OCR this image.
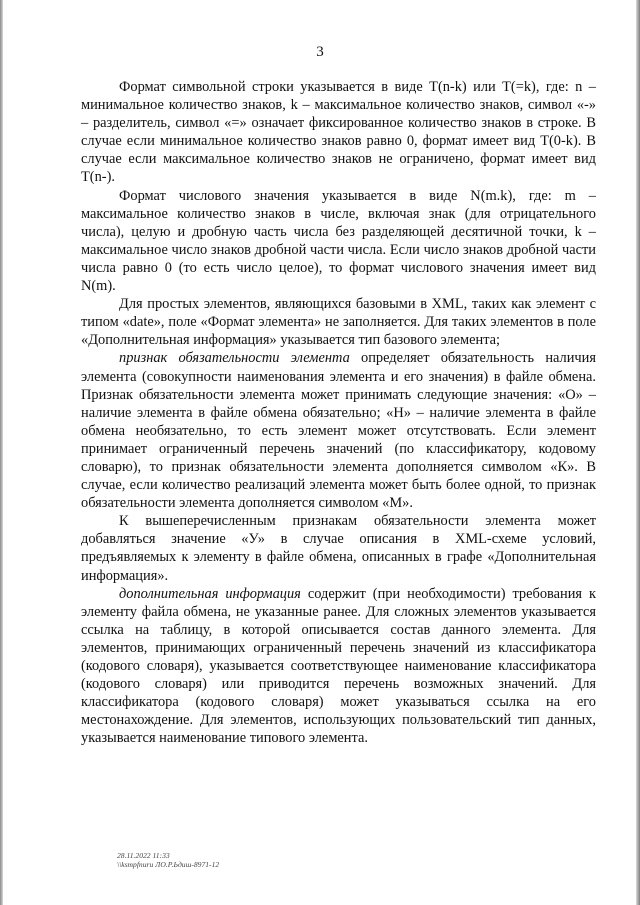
3

Формат символьной строки указывается в виде T(n-k) или T(=k), где: n – минимальное количество знаков, k – максимальное количество знаков, символ «-» – разделитель, символ «=» означает фиксированное количество знаков в строке. В случае если минимальное количество знаков равно 0, формат имеет вид T(0-k). В случае если максимальное количество знаков не ограничено, формат имеет вид T(n-).

Формат числового значения указывается в виде N(m.k), где: m – максимальное количество знаков в числе, включая знак (для отрицательного числа), целую и дробную часть числа без разделяющей десятичной точки, k – максимальное число знаков дробной части числа. Если число знаков дробной части числа равно 0 (то есть число целое), то формат числового значения имеет вид N(m).

Для простых элементов, являющихся базовыми в XML, таких как элемент с типом «date», поле «Формат элемента» не заполняется. Для таких элементов в поле «Дополнительная информация» указывается тип базового элемента;

признак обязательности элемента определяет обязательность наличия элемента (совокупности наименования элемента и его значения) в файле обмена. Признак обязательности элемента может принимать следующие значения: «О» – наличие элемента в файле обмена обязательно; «Н» – наличие элемента в файле обмена необязательно, то есть элемент может отсутствовать. Если элемент принимает ограниченный перечень значений (по классификатору, кодовому словарю), то признак обязательности элемента дополняется символом «К». В случае, если количество реализаций элемента может быть более одной, то признак обязательности элемента дополняется символом «М».

К вышеперечисленным признакам обязательности элемента может добавляться значение «У» в случае описания в XML-схеме условий, предъявляемых к элементу в файле обмена, описанных в графе «Дополнительная информация».

дополнительная информация содержит (при необходимости) требования к элементу файла обмена, не указанные ранее. Для сложных элементов указывается ссылка на таблицу, в которой описывается состав данного элемента. Для элементов, принимающих ограниченный перечень значений из классификатора (кодового словаря), указывается соответствующее наименование классификатора (кодового словаря) или приводится перечень возможных значений. Для классификатора (кодового словаря) может указываться ссылка на его местонахождение. Для элементов, использующих пользовательский тип данных, указывается наименование типового элемента.

28.11.2022 11:33
\\ksmpfnuru ЛО.Р.Ьдиш-8971-12
